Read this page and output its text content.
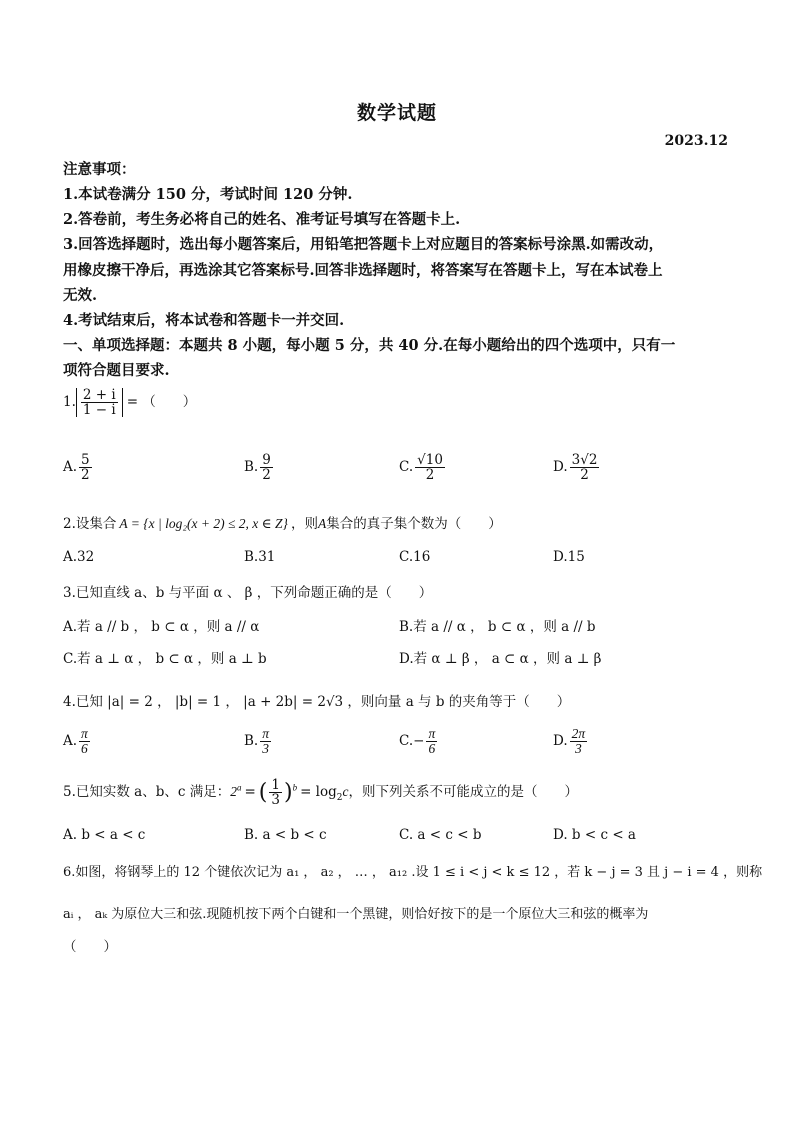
数学试题
2023.12
注意事项：
1.本试卷满分 150 分，考试时间 120 分钟.
2.答卷前，考生务必将自己的姓名、准考证号填写在答题卡上.
3.回答选择题时，选出每小题答案后，用铅笔把答题卡上对应题目的答案标号涂黑.如需改动，
用橡皮擦干净后，再选涂其它答案标号.回答非选择题时，将答案写在答题卡上，写在本试卷上
无效.
4.考试结束后，将本试卷和答题卡一并交回.
一、单项选择题：本题共 8 小题，每小题 5 分，共 40 分.在每小题给出的四个选项中，只有一
项符合题目要求.
1. $\frac{2 + i}{1 - i}$ = （　　）
A. $\frac{5}{2}$	B. $\frac{9}{2}$	C. $\frac{√10}{2}$	D. $\frac{3√2}{2}$
2.设集合 A = {x | log₂(x + 2) ≤ 2, x ∈ Z} ，则A集合的真子集个数为（　　）
A.32	B.31	C.16	D.15
3.已知直线 a、b 与平面 α 、 β ，下列命题正确的是（　　）
A.若 a // b ， b ⊂ α ，则 a // α	B.若 a // α ， b ⊂ α ，则 a // b
C.若 a ⊥ α ， b ⊂ α ，则 a ⊥ b	D.若 α ⊥ β ， a ⊂ α ，则 a ⊥ β
4.已知 |a| = 2 ， |b| = 1 ， |a + 2b| = 2√3 ，则向量 a 与 b 的夹角等于（　　）
A. $\frac{\pi}{6}$	B. $\frac{\pi}{3}$	$C.- \frac{\pi}{6}$	D. $\frac{2\pi}{3}$
5.已知实数 a、b、c 满足：$2^a$ = ( $\frac{1}{3} )^b = \log_2c$，则下列关系不可能成立的是（　　）
A. b < a < c	B. a < b < c	C. a < c < b	D. b < c < a
6.如图，将钢琴上的 12 个键依次记为 a₁ ， a₂ ， … ， a₁₂ .设 1 ≤ i < j < k ≤ 12 ，若 k − j = 3 且 j − i = 4 ，则称
aᵢ ， aₖ 为原位大三和弦.现随机按下两个白键和一个黑键，则恰好按下的是一个原位大三和弦的概率为
（　　）
